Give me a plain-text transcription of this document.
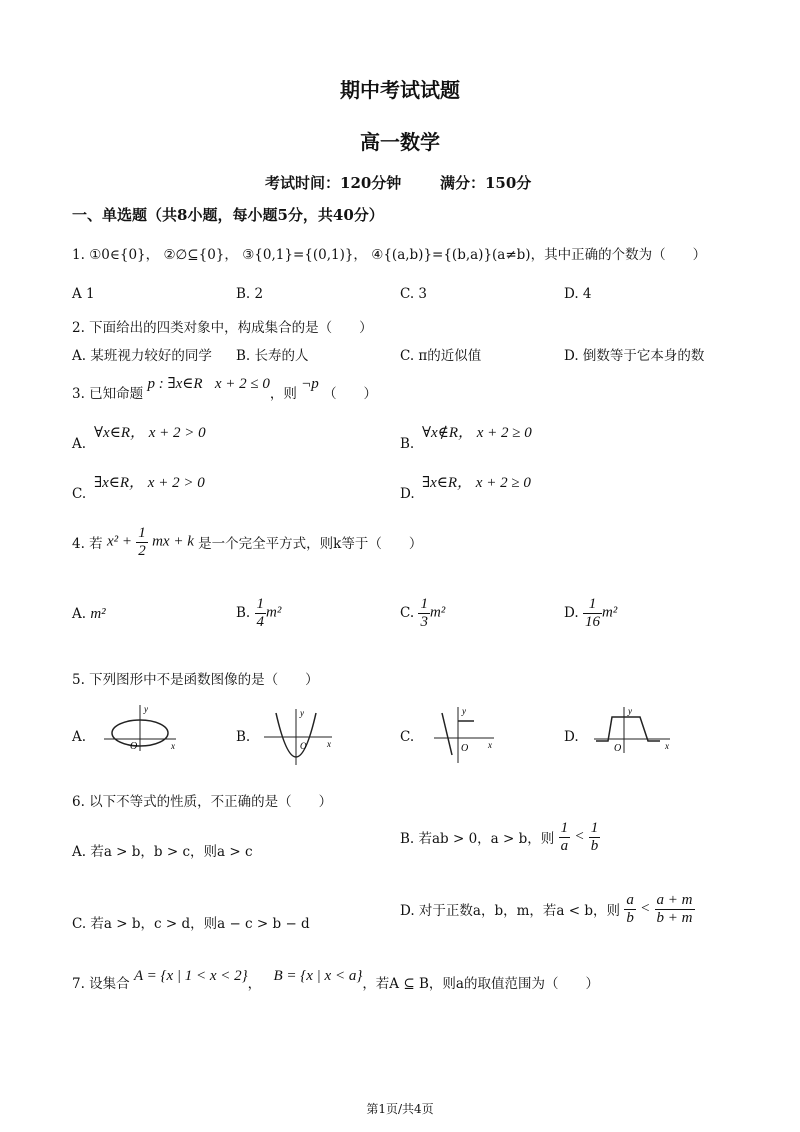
期中考试试题
高一数学
考试时间：120分钟	满分：150分
一、单选题（共8小题，每小题5分，共40分）
1. ①0∈{0}， ②∅⊆{0}， ③{0,1}={(0,1)}， ④{(a,b)}={(b,a)}(a≠b)，其中正确的个数为（　　）
A 1	B. 2	C. 3	D. 4
2. 下面给出的四类对象中，构成集合的是（　　）
A. 某班视力较好的同学 B. 长寿的人	C. π的近似值	D. 倒数等于它本身的数
3. 已知命题 p : ∃x∈R x + 2 ≤ 0，则 ¬p （　　）
A.
∀x∈R， x + 2 > 0
B.
∀x∉R， x + 2 ≥ 0
C.
∃x∈R， x + 2 > 0
D.
∃x∈R， x + 2 ≥ 0
4. 若 $x^2 + \frac{1}{2}$ mx + k 是一个完全平方式，则k等于（　　）
A. m²	B. $\frac{1}{4} m^2$	C. $\frac{1}{3} m^2$	D. $\frac{1}{16} m^2$
5. 下列图形中不是函数图像的是（　　）
A.
y
x
O
B.
y
x
O
C.
y
x
O
D.
y
x
O
6. 以下不等式的性质，不正确的是（　　）
A. 若a > b，b > c，则a > c
B. 若ab > 0，a > b，则 $\frac{1}{a} < \frac{1}{b}$
C. 若a > b，c > d，则a − c > b − d
D. 对于正数a，b，m，若a < b，则 $\frac{a}{b} < \frac{a + m}{b + m}$
7. 设集合 A = {x | 1 < x < 2}， B = {x | x < a}，若A ⊆ B，则a的取值范围为（　　）
第1页/共4页
